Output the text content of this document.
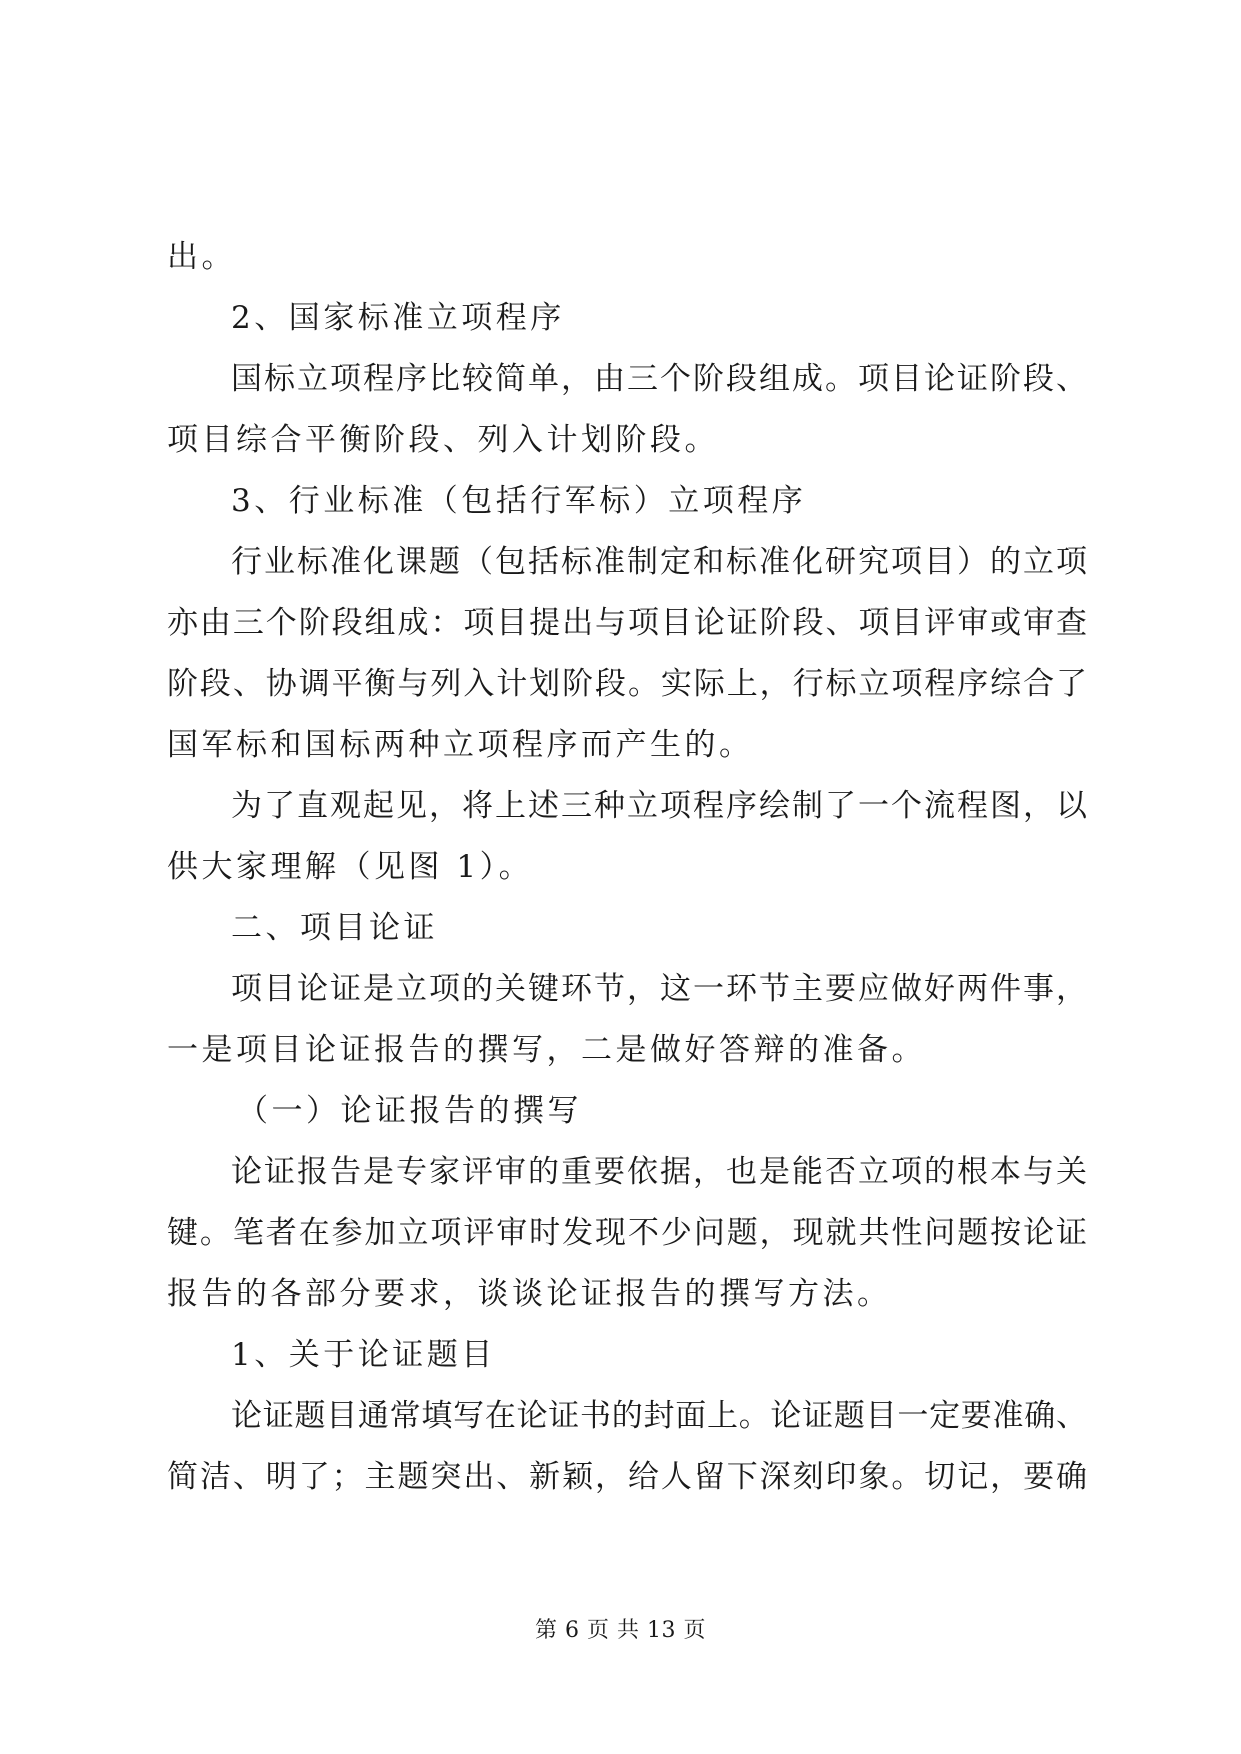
出。
2、国家标准立项程序
国标立项程序比较简单，由三个阶段组成。项目论证阶段、
项目综合平衡阶段、列入计划阶段。
3、行业标准（包括行军标）立项程序
行业标准化课题（包括标准制定和标准化研究项目）的立项
亦由三个阶段组成：项目提出与项目论证阶段、项目评审或审查
阶段、协调平衡与列入计划阶段。实际上，行标立项程序综合了
国军标和国标两种立项程序而产生的。
为了直观起见，将上述三种立项程序绘制了一个流程图，以
供大家理解（见图 1）。
二、项目论证
项目论证是立项的关键环节，这一环节主要应做好两件事，
一是项目论证报告的撰写，二是做好答辩的准备。
（一）论证报告的撰写
论证报告是专家评审的重要依据，也是能否立项的根本与关
键。笔者在参加立项评审时发现不少问题，现就共性问题按论证
报告的各部分要求，谈谈论证报告的撰写方法。
1、关于论证题目
论证题目通常填写在论证书的封面上。论证题目一定要准确、
简洁、明了；主题突出、新颖，给人留下深刻印象。切记，要确
第 6 页 共 13 页
